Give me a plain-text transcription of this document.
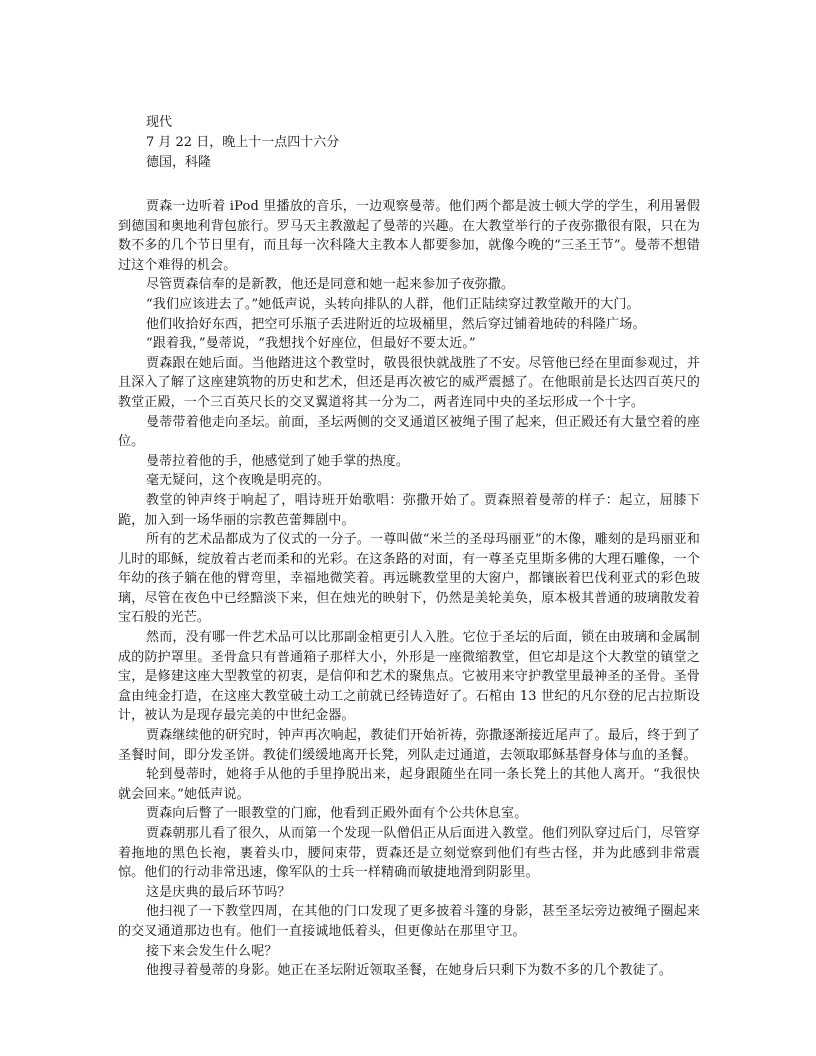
现代
7 月 22 日，晚上十一点四十六分
德国，科隆

贾森一边听着 iPod 里播放的音乐，一边观察曼蒂。他们两个都是波士顿大学的学生，利用暑假到德国和奥地利背包旅行。罗马天主教激起了曼蒂的兴趣。在大教堂举行的子夜弥撒很有限，只在为数不多的几个节日里有，而且每一次科隆大主教本人都要参加，就像今晚的“三圣王节”。曼蒂不想错过这个难得的机会。

尽管贾森信奉的是新教，他还是同意和她一起来参加子夜弥撒。

“我们应该进去了。”她低声说，头转向排队的人群，他们正陆续穿过教堂敞开的大门。

他们收拾好东西，把空可乐瓶子丢进附近的垃圾桶里，然后穿过铺着地砖的科隆广场。

“跟着我，”曼蒂说，“我想找个好座位，但最好不要太近。”

贾森跟在她后面。当他踏进这个教堂时，敬畏很快就战胜了不安。尽管他已经在里面参观过，并且深入了解了这座建筑物的历史和艺术，但还是再次被它的威严震撼了。在他眼前是长达四百英尺的教堂正殿，一个三百英尺长的交叉翼道将其一分为二，两者连同中央的圣坛形成一个十字。

曼蒂带着他走向圣坛。前面，圣坛两侧的交叉通道区被绳子围了起来，但正殿还有大量空着的座位。

曼蒂拉着他的手，他感觉到了她手掌的热度。

毫无疑问，这个夜晚是明亮的。

教堂的钟声终于响起了，唱诗班开始歌唱：弥撒开始了。贾森照着曼蒂的样子：起立，屈膝下跪，加入到一场华丽的宗教芭蕾舞剧中。

所有的艺术品都成为了仪式的一分子。一尊叫做“米兰的圣母玛丽亚”的木像，雕刻的是玛丽亚和儿时的耶稣，绽放着古老而柔和的光彩。在这条路的对面，有一尊圣克里斯多佛的大理石雕像，一个年幼的孩子躺在他的臂弯里，幸福地微笑着。再远眺教堂里的大窗户，都镶嵌着巴伐利亚式的彩色玻璃，尽管在夜色中已经黯淡下来，但在烛光的映射下，仍然是美轮美奂，原本极其普通的玻璃散发着宝石般的光芒。

然而，没有哪一件艺术品可以比那副金棺更引人入胜。它位于圣坛的后面，锁在由玻璃和金属制成的防护罩里。圣骨盒只有普通箱子那样大小，外形是一座微缩教堂，但它却是这个大教堂的镇堂之宝，是修建这座大型教堂的初衷，是信仰和艺术的聚焦点。它被用来守护教堂里最神圣的圣骨。圣骨盒由纯金打造，在这座大教堂破土动工之前就已经铸造好了。石棺由 13 世纪的凡尔登的尼古拉斯设计，被认为是现存最完美的中世纪金器。

贾森继续他的研究时，钟声再次响起，教徒们开始祈祷，弥撒逐渐接近尾声了。最后，终于到了圣餐时间，即分发圣饼。教徒们缓缓地离开长凳，列队走过通道，去领取耶稣基督身体与血的圣餐。

轮到曼蒂时，她将手从他的手里挣脱出来，起身跟随坐在同一条长凳上的其他人离开。“我很快就会回来。”她低声说。

贾森向后瞥了一眼教堂的门廊，他看到正殿外面有个公共休息室。

贾森朝那儿看了很久，从而第一个发现一队僧侣正从后面进入教堂。他们列队穿过后门，尽管穿着拖地的黑色长袍，裹着头巾，腰间束带，贾森还是立刻觉察到他们有些古怪，并为此感到非常震惊。他们的行动非常迅速，像军队的士兵一样精确而敏捷地滑到阴影里。

这是庆典的最后环节吗？

他扫视了一下教堂四周，在其他的门口发现了更多披着斗篷的身影，甚至圣坛旁边被绳子圈起来的交叉通道那边也有。他们一直接诚地低着头，但更像站在那里守卫。

接下来会发生什么呢？

他搜寻着曼蒂的身影。她正在圣坛附近领取圣餐，在她身后只剩下为数不多的几个教徒了。
